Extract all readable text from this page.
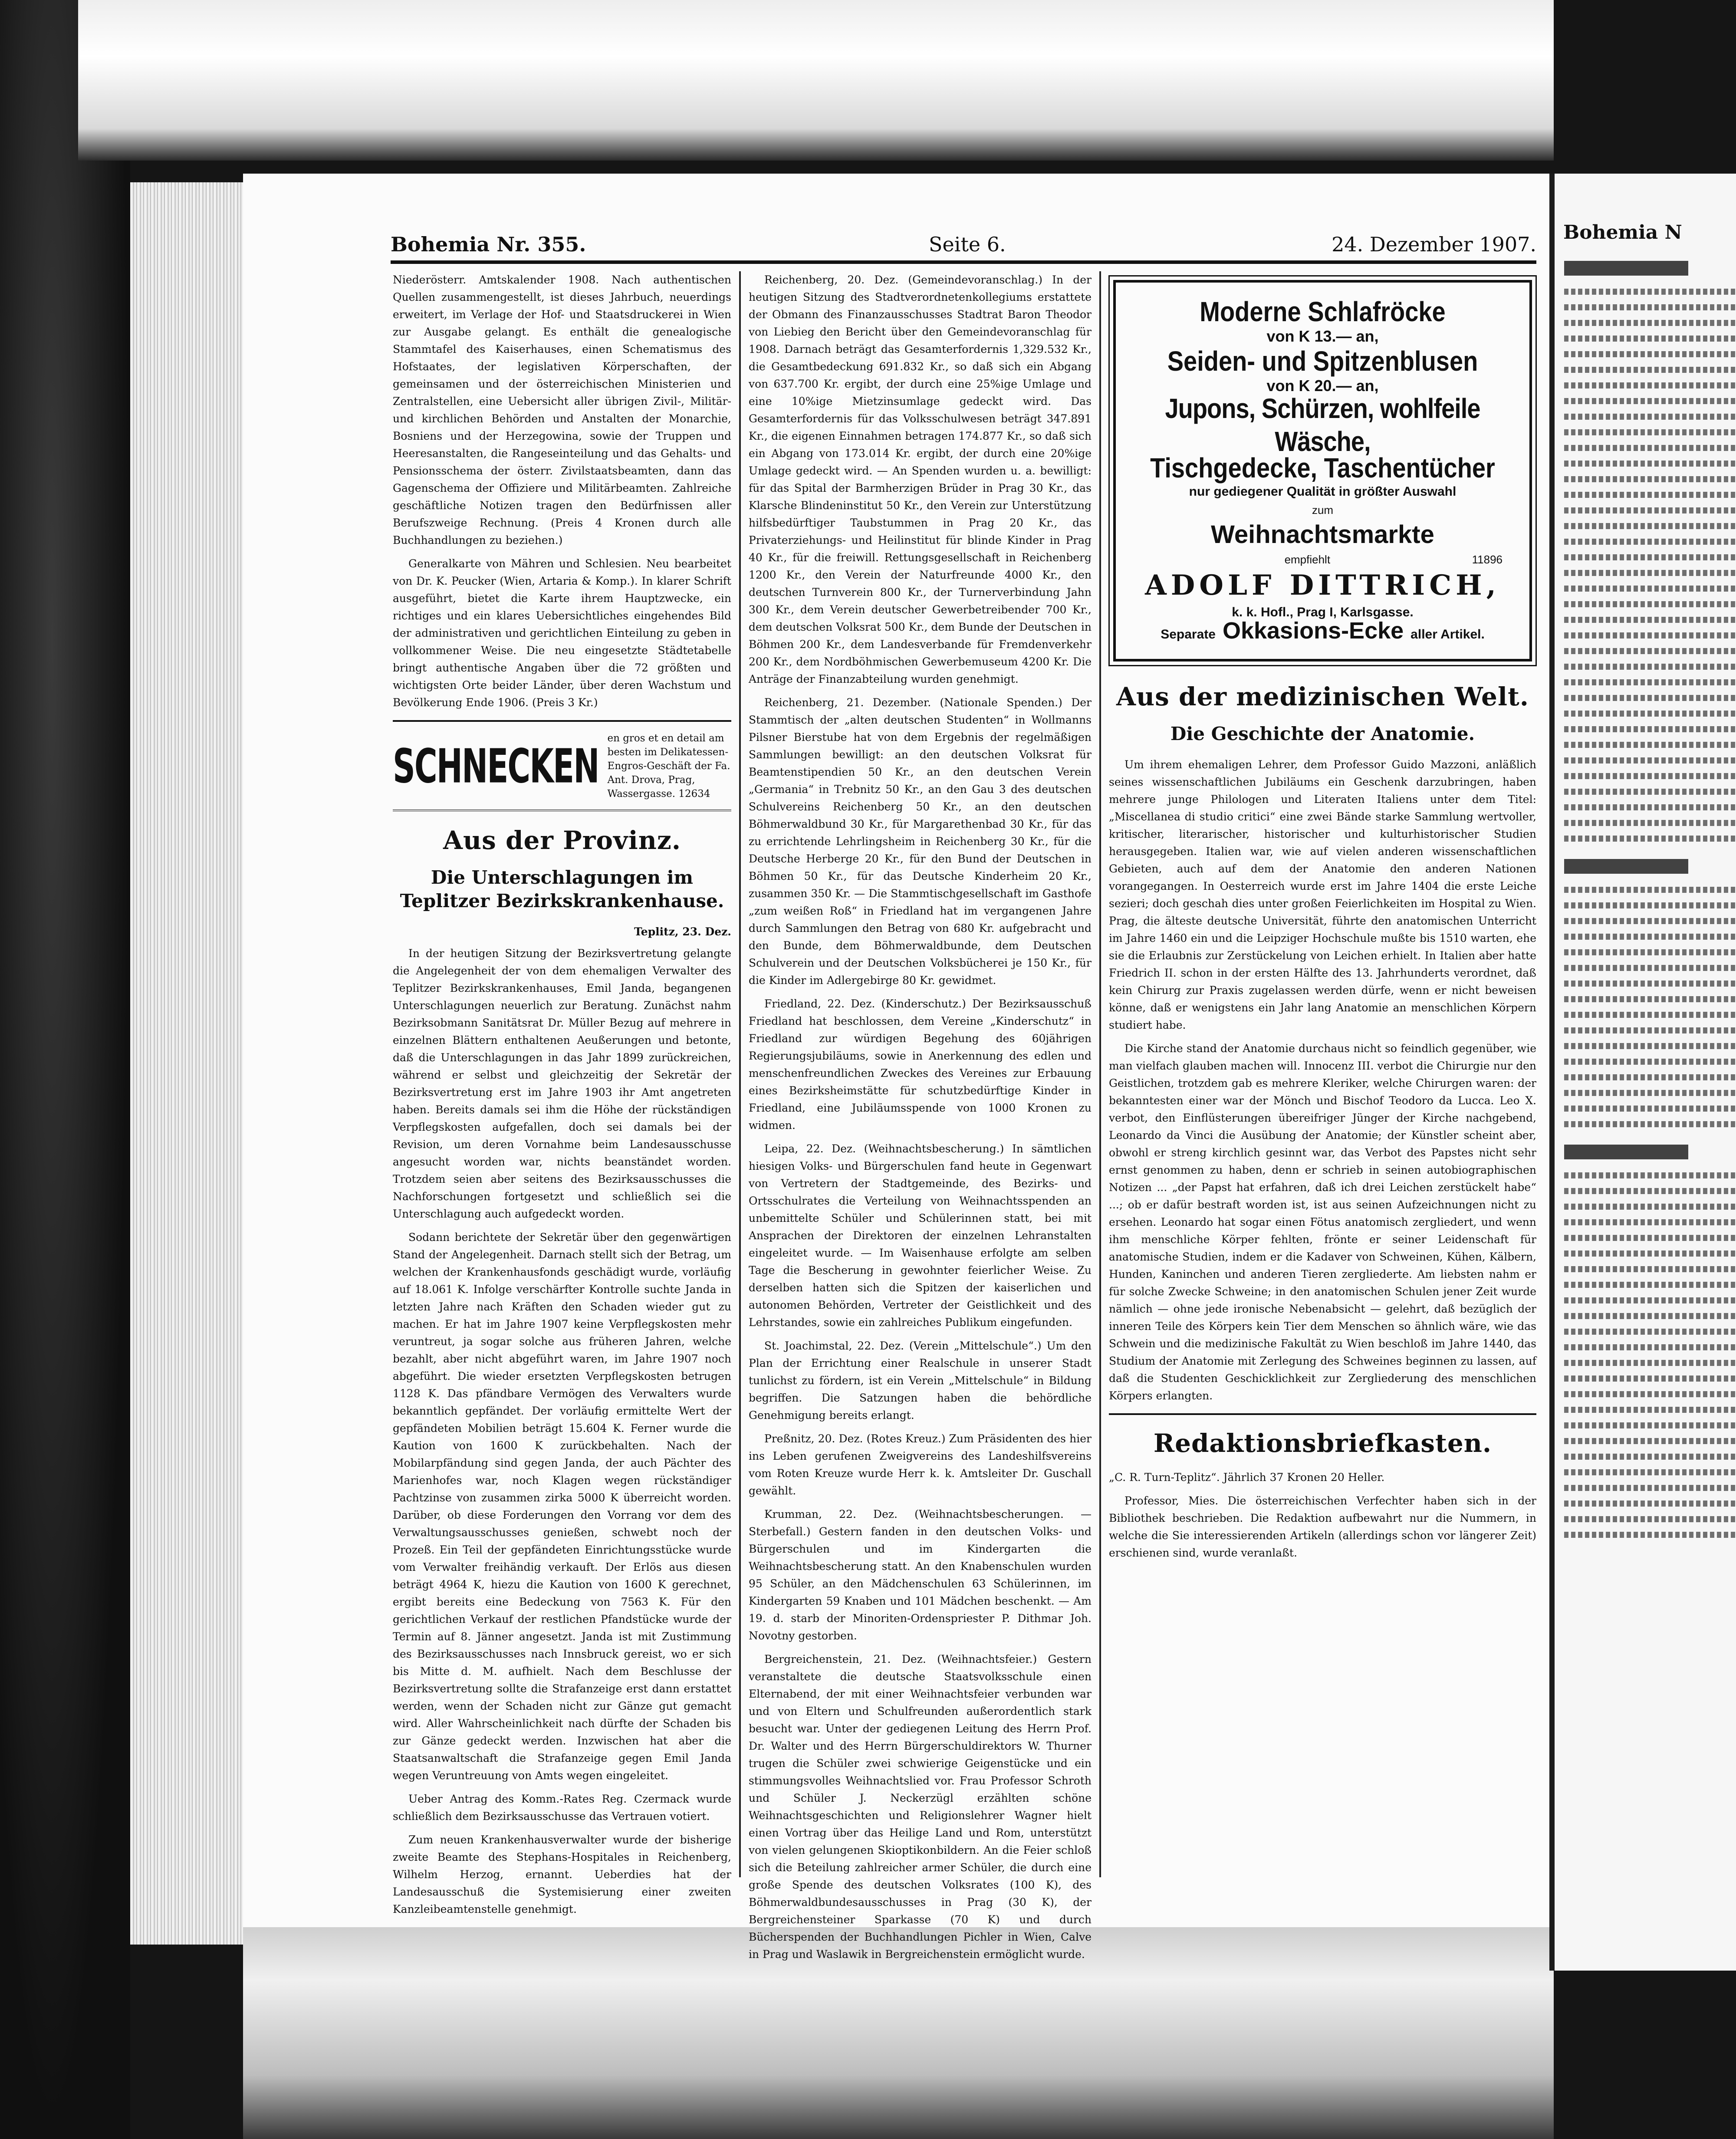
Bohemia N
Bohemia Nr. 355.	Seite 6.	24. Dezember 1907.

Niederösterr. Amtskalender 1908. Nach authentischen Quellen zusammengestellt, ist dieses Jahrbuch, neuerdings erweitert, im Verlage der Hof- und Staatsdruckerei in Wien zur Ausgabe gelangt. Es enthält die genealogische Stammtafel des Kaiserhauses, einen Schematismus des Hofstaates, der legislativen Körperschaften, der gemeinsamen und der österreichischen Ministerien und Zentralstellen, eine Uebersicht aller übrigen Zivil-, Militär- und kirchlichen Behörden und Anstalten der Monarchie, Bosniens und der Herzegowina, sowie der Truppen und Heeresanstalten, die Rangeseinteilung und das Gehalts- und Pensionsschema der österr. Zivilstaatsbeamten, dann das Gagenschema der Offiziere und Militärbeamten. Zahlreiche geschäftliche Notizen tragen den Bedürfnissen aller Berufszweige Rechnung. (Preis 4 Kronen durch alle Buchhandlungen zu beziehen.)

Generalkarte von Mähren und Schlesien. Neu bearbeitet von Dr. K. Peucker (Wien, Artaria & Komp.). In klarer Schrift ausgeführt, bietet die Karte ihrem Hauptzwecke, ein richtiges und ein klares Uebersichtliches eingehendes Bild der administrativen und gerichtlichen Einteilung zu geben in vollkommener Weise. Die neu eingesetzte Städtetabelle bringt authentische Angaben über die 72 größten und wichtigsten Orte beider Länder, über deren Wachstum und Bevölkerung Ende 1906. (Preis 3 Kr.)

SCHNECKEN
en gros et en detail am besten im Delikatessen-Engros-Geschäft der Fa. Ant. Drova, Prag, Wassergasse. 12634
Aus der Provinz.
Die Unterschlagungen im Teplitzer Bezirkskrankenhause.
Teplitz, 23. Dez.

In der heutigen Sitzung der Bezirksvertretung gelangte die Angelegenheit der von dem ehemaligen Verwalter des Teplitzer Bezirkskrankenhauses, Emil Janda, begangenen Unterschlagungen neuerlich zur Beratung. Zunächst nahm Bezirksobmann Sanitätsrat Dr. Müller Bezug auf mehrere in einzelnen Blättern enthaltenen Aeußerungen und betonte, daß die Unterschlagungen in das Jahr 1899 zurückreichen, während er selbst und gleichzeitig der Sekretär der Bezirksvertretung erst im Jahre 1903 ihr Amt angetreten haben. Bereits damals sei ihm die Höhe der rückständigen Verpflegskosten aufgefallen, doch sei damals bei der Revision, um deren Vornahme beim Landesausschusse angesucht worden war, nichts beanständet worden. Trotzdem seien aber seitens des Bezirksausschusses die Nachforschungen fortgesetzt und schließlich sei die Unterschlagung auch aufgedeckt worden.

Sodann berichtete der Sekretär über den gegenwärtigen Stand der Angelegenheit. Darnach stellt sich der Betrag, um welchen der Krankenhausfonds geschädigt wurde, vorläufig auf 18.061 K. Infolge verschärfter Kontrolle suchte Janda in letzten Jahre nach Kräften den Schaden wieder gut zu machen. Er hat im Jahre 1907 keine Verpflegskosten mehr veruntreut, ja sogar solche aus früheren Jahren, welche bezahlt, aber nicht abgeführt waren, im Jahre 1907 noch abgeführt. Die wieder ersetzten Verpflegskosten betrugen 1128 K. Das pfändbare Vermögen des Verwalters wurde bekanntlich gepfändet. Der vorläufig ermittelte Wert der gepfändeten Mobilien beträgt 15.604 K. Ferner wurde die Kaution von 1600 K zurückbehalten. Nach der Mobilarpfändung sind gegen Janda, der auch Pächter des Marienhofes war, noch Klagen wegen rückständiger Pachtzinse von zusammen zirka 5000 K überreicht worden. Darüber, ob diese Forderungen den Vorrang vor dem des Verwaltungsausschusses genießen, schwebt noch der Prozeß. Ein Teil der gepfändeten Einrichtungsstücke wurde vom Verwalter freihändig verkauft. Der Erlös aus diesen beträgt 4964 K, hiezu die Kaution von 1600 K gerechnet, ergibt bereits eine Bedeckung von 7563 K. Für den gerichtlichen Verkauf der restlichen Pfandstücke wurde der Termin auf 8. Jänner angesetzt. Janda ist mit Zustimmung des Bezirksausschusses nach Innsbruck gereist, wo er sich bis Mitte d. M. aufhielt. Nach dem Beschlusse der Bezirksvertretung sollte die Strafanzeige erst dann erstattet werden, wenn der Schaden nicht zur Gänze gut gemacht wird. Aller Wahrscheinlichkeit nach dürfte der Schaden bis zur Gänze gedeckt werden. Inzwischen hat aber die Staatsanwaltschaft die Strafanzeige gegen Emil Janda wegen Veruntreuung von Amts wegen eingeleitet.

Ueber Antrag des Komm.-Rates Reg. Czermack wurde schließlich dem Bezirksausschusse das Vertrauen votiert.

Zum neuen Krankenhausverwalter wurde der bisherige zweite Beamte des Stephans-Hospitales in Reichenberg, Wilhelm Herzog, ernannt. Ueberdies hat der Landesausschuß die Systemisierung einer zweiten Kanzleibeamtenstelle genehmigt.

Reichenberg, 20. Dez. (Gemeindevoranschlag.) In der heutigen Sitzung des Stadtverordnetenkollegiums erstattete der Obmann des Finanzausschusses Stadtrat Baron Theodor von Liebieg den Bericht über den Gemeindevoranschlag für 1908. Darnach beträgt das Gesamterfordernis 1,329.532 Kr., die Gesamtbedeckung 691.832 Kr., so daß sich ein Abgang von 637.700 Kr. ergibt, der durch eine 25%ige Umlage und eine 10%ige Mietzinsumlage gedeckt wird. Das Gesamterfordernis für das Volksschulwesen beträgt 347.891 Kr., die eigenen Einnahmen betragen 174.877 Kr., so daß sich ein Abgang von 173.014 Kr. ergibt, der durch eine 20%ige Umlage gedeckt wird. — An Spenden wurden u. a. bewilligt: für das Spital der Barmherzigen Brüder in Prag 30 Kr., das Klarsche Blindeninstitut 50 Kr., den Verein zur Unterstützung hilfsbedürftiger Taubstummen in Prag 20 Kr., das Privaterziehungs- und Heilinstitut für blinde Kinder in Prag 40 Kr., für die freiwill. Rettungsgesellschaft in Reichenberg 1200 Kr., den Verein der Naturfreunde 4000 Kr., den deutschen Turnverein 800 Kr., der Turnerverbindung Jahn 300 Kr., dem Verein deutscher Gewerbetreibender 700 Kr., dem deutschen Volksrat 500 Kr., dem Bunde der Deutschen in Böhmen 200 Kr., dem Landesverbande für Fremdenverkehr 200 Kr., dem Nordböhmischen Gewerbemuseum 4200 Kr. Die Anträge der Finanzabteilung wurden genehmigt.

Reichenberg, 21. Dezember. (Nationale Spenden.) Der Stammtisch der „alten deutschen Studenten“ in Wollmanns Pilsner Bierstube hat von dem Ergebnis der regelmäßigen Sammlungen bewilligt: an den deutschen Volksrat für Beamtenstipendien 50 Kr., an den deutschen Verein „Germania“ in Trebnitz 50 Kr., an den Gau 3 des deutschen Schulvereins Reichenberg 50 Kr., an den deutschen Böhmerwaldbund 30 Kr., für Margarethenbad 30 Kr., für das zu errichtende Lehrlingsheim in Reichenberg 30 Kr., für die Deutsche Herberge 20 Kr., für den Bund der Deutschen in Böhmen 50 Kr., für das Deutsche Kinderheim 20 Kr., zusammen 350 Kr. — Die Stammtischgesellschaft im Gasthofe „zum weißen Roß“ in Friedland hat im vergangenen Jahre durch Sammlungen den Betrag von 680 Kr. aufgebracht und den Bunde, dem Böhmerwaldbunde, dem Deutschen Schulverein und der Deutschen Volksbücherei je 150 Kr., für die Kinder im Adlergebirge 80 Kr. gewidmet.

Friedland, 22. Dez. (Kinderschutz.) Der Bezirksausschuß Friedland hat beschlossen, dem Vereine „Kinderschutz“ in Friedland zur würdigen Begehung des 60jährigen Regierungsjubiläums, sowie in Anerkennung des edlen und menschenfreundlichen Zweckes des Vereines zur Erbauung eines Bezirksheimstätte für schutzbedürftige Kinder in Friedland, eine Jubiläumsspende von 1000 Kronen zu widmen.

Leipa, 22. Dez. (Weihnachtsbescherung.) In sämtlichen hiesigen Volks- und Bürgerschulen fand heute in Gegenwart von Vertretern der Stadtgemeinde, des Bezirks- und Ortsschulrates die Verteilung von Weihnachtsspenden an unbemittelte Schüler und Schülerinnen statt, bei mit Ansprachen der Direktoren der einzelnen Lehranstalten eingeleitet wurde. — Im Waisenhause erfolgte am selben Tage die Bescherung in gewohnter feierlicher Weise. Zu derselben hatten sich die Spitzen der kaiserlichen und autonomen Behörden, Vertreter der Geistlichkeit und des Lehrstandes, sowie ein zahlreiches Publikum eingefunden.

St. Joachimstal, 22. Dez. (Verein „Mittelschule“.) Um den Plan der Errichtung einer Realschule in unserer Stadt tunlichst zu fördern, ist ein Verein „Mittelschule“ in Bildung begriffen. Die Satzungen haben die behördliche Genehmigung bereits erlangt.

Preßnitz, 20. Dez. (Rotes Kreuz.) Zum Präsidenten des hier ins Leben gerufenen Zweigvereins des Landeshilfsvereins vom Roten Kreuze wurde Herr k. k. Amtsleiter Dr. Guschall gewählt.

Krumman, 22. Dez. (Weihnachtsbescherungen. — Sterbefall.) Gestern fanden in den deutschen Volks- und Bürgerschulen und im Kindergarten die Weihnachtsbescherung statt. An den Knabenschulen wurden 95 Schüler, an den Mädchenschulen 63 Schülerinnen, im Kindergarten 59 Knaben und 101 Mädchen beschenkt. — Am 19. d. starb der Minoriten-Ordenspriester P. Dithmar Joh. Novotny gestorben.

Bergreichenstein, 21. Dez. (Weihnachtsfeier.) Gestern veranstaltete die deutsche Staatsvolksschule einen Elternabend, der mit einer Weihnachtsfeier verbunden war und von Eltern und Schulfreunden außerordentlich stark besucht war. Unter der gediegenen Leitung des Herrn Prof. Dr. Walter und des Herrn Bürgerschuldirektors W. Thurner trugen die Schüler zwei schwierige Geigenstücke und ein stimmungsvolles Weihnachtslied vor. Frau Professor Schroth und Schüler J. Neckerzügl erzählten schöne Weihnachtsgeschichten und Religionslehrer Wagner hielt einen Vortrag über das Heilige Land und Rom, unterstützt von vielen gelungenen Skioptikonbildern. An die Feier schloß sich die Beteilung zahlreicher armer Schüler, die durch eine große Spende des deutschen Volksrates (100 K), des Böhmerwaldbundesausschusses in Prag (30 K), der Bergreichensteiner Sparkasse (70 K) und durch Bücherspenden der Buchhandlungen Pichler in Wien, Calve in Prag und Waslawik in Bergreichenstein ermöglicht wurde.

Moderne Schlafröcke
von K 13.— an,
Seiden- und Spitzenblusen
von K 20.— an,
Jupons, Schürzen, wohlfeile Wäsche,
Tischgedecke, Taschentücher
nur gediegener Qualität in größter Auswahl
zum
Weihnachtsmarkte
empfiehlt	11896
ADOLF DITTRICH,
k. k. Hofl., Prag I, Karlsgasse.
Separate Okkasions-Ecke aller Artikel.
Aus der medizinischen Welt.
Die Geschichte der Anatomie.

Um ihrem ehemaligen Lehrer, dem Professor Guido Mazzoni, anläßlich seines wissenschaftlichen Jubiläums ein Geschenk darzubringen, haben mehrere junge Philologen und Literaten Italiens unter dem Titel: „Miscellanea di studio critici“ eine zwei Bände starke Sammlung wertvoller, kritischer, literarischer, historischer und kulturhistorischer Studien herausgegeben. Italien war, wie auf vielen anderen wissenschaftlichen Gebieten, auch auf dem der Anatomie den anderen Nationen vorangegangen. In Oesterreich wurde erst im Jahre 1404 die erste Leiche sezieri; doch geschah dies unter großen Feierlichkeiten im Hospital zu Wien. Prag, die älteste deutsche Universität, führte den anatomischen Unterricht im Jahre 1460 ein und die Leipziger Hochschule mußte bis 1510 warten, ehe sie die Erlaubnis zur Zerstückelung von Leichen erhielt. In Italien aber hatte Friedrich II. schon in der ersten Hälfte des 13. Jahrhunderts verordnet, daß kein Chirurg zur Praxis zugelassen werden dürfe, wenn er nicht beweisen könne, daß er wenigstens ein Jahr lang Anatomie an menschlichen Körpern studiert habe.

Die Kirche stand der Anatomie durchaus nicht so feindlich gegenüber, wie man vielfach glauben machen will. Innocenz III. verbot die Chirurgie nur den Geistlichen, trotzdem gab es mehrere Kleriker, welche Chirurgen waren: der bekanntesten einer war der Mönch und Bischof Teodoro da Lucca. Leo X. verbot, den Einflüsterungen übereifriger Jünger der Kirche nachgebend, Leonardo da Vinci die Ausübung der Anatomie; der Künstler scheint aber, obwohl er streng kirchlich gesinnt war, das Verbot des Papstes nicht sehr ernst genommen zu haben, denn er schrieb in seinen autobiographischen Notizen ... „der Papst hat erfahren, daß ich drei Leichen zerstückelt habe“ ...; ob er dafür bestraft worden ist, ist aus seinen Aufzeichnungen nicht zu ersehen. Leonardo hat sogar einen Fötus anatomisch zergliedert, und wenn ihm menschliche Körper fehlten, frönte er seiner Leidenschaft für anatomische Studien, indem er die Kadaver von Schweinen, Kühen, Kälbern, Hunden, Kaninchen und anderen Tieren zergliederte. Am liebsten nahm er für solche Zwecke Schweine; in den anatomischen Schulen jener Zeit wurde nämlich — ohne jede ironische Nebenabsicht — gelehrt, daß bezüglich der inneren Teile des Körpers kein Tier dem Menschen so ähnlich wäre, wie das Schwein und die medizinische Fakultät zu Wien beschloß im Jahre 1440, das Studium der Anatomie mit Zerlegung des Schweines beginnen zu lassen, auf daß die Studenten Geschicklichkeit zur Zergliederung des menschlichen Körpers erlangten.

Redaktionsbriefkasten.

„C. R. Turn-Teplitz“. Jährlich 37 Kronen 20 Heller.

Professor, Mies. Die österreichischen Verfechter haben sich in der Bibliothek beschrieben. Die Redaktion aufbewahrt nur die Nummern, in welche die Sie interessierenden Artikeln (allerdings schon vor längerer Zeit) erschienen sind, wurde veranlaßt.
